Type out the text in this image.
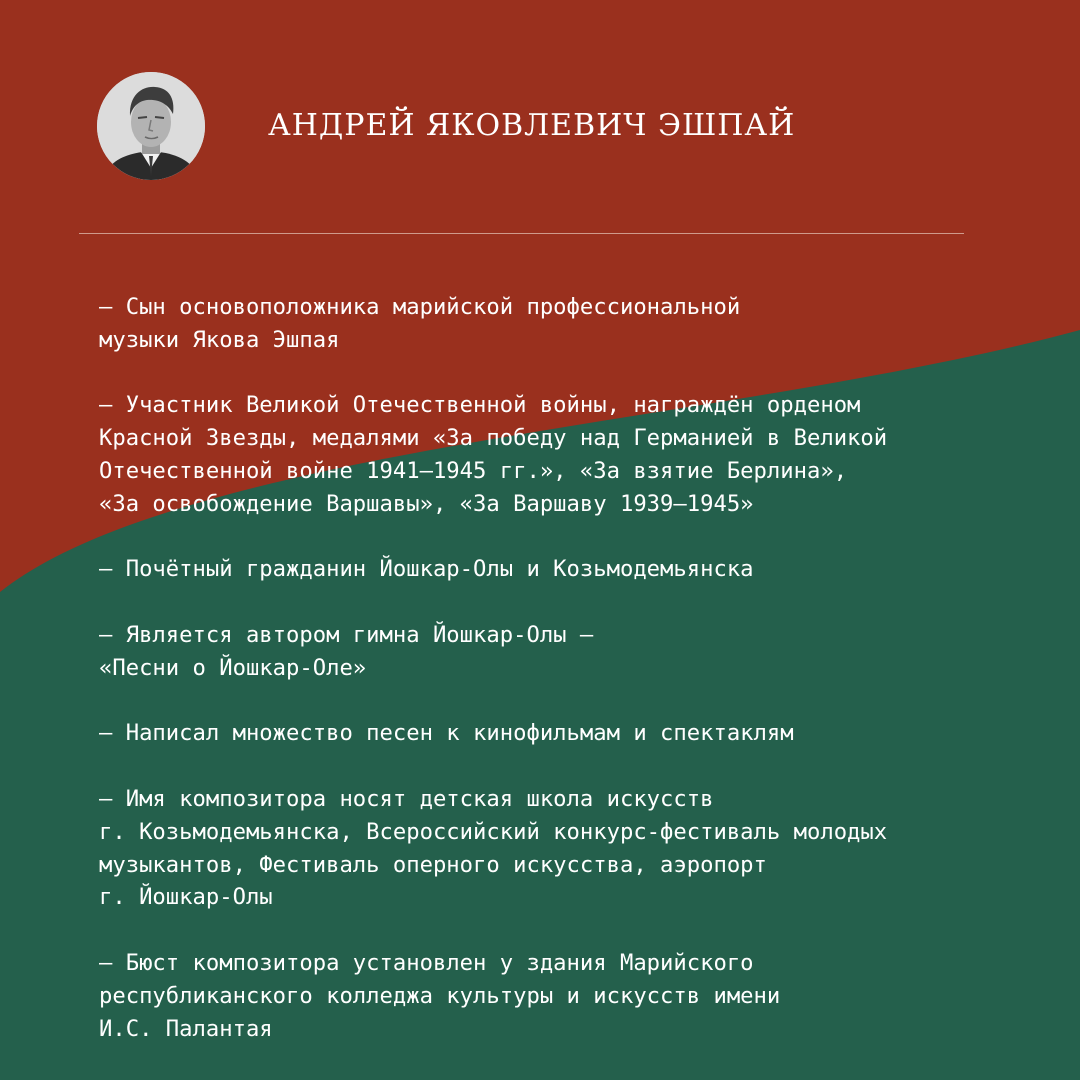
АНДРЕЙ ЯКОВЛЕВИЧ ЭШПАЙ
– Сын основоположника марийской профессиональной
музыки Якова Эшпая
– Участник Великой Отечественной войны, награждён орденом
Красной Звезды, медалями «За победу над Германией в Великой
Отечественной войне 1941—1945 гг.», «За взятие Берлина»,
«За освобождение Варшавы», «За Варшаву 1939—1945»
– Почётный гражданин Йошкар-Олы и Козьмодемьянска
– Является автором гимна Йошкар-Олы –
«Песни о Йошкар-Оле»
– Написал множество песен к кинофильмам и спектаклям
– Имя композитора носят детская школа искусств
г. Козьмодемьянска, Всероссийский конкурс-фестиваль молодых
музыкантов, Фестиваль оперного искусства, аэропорт
г. Йошкар-Олы
– Бюст композитора установлен у здания Марийского
республиканского колледжа культуры и искусств имени
И.С. Палантая
